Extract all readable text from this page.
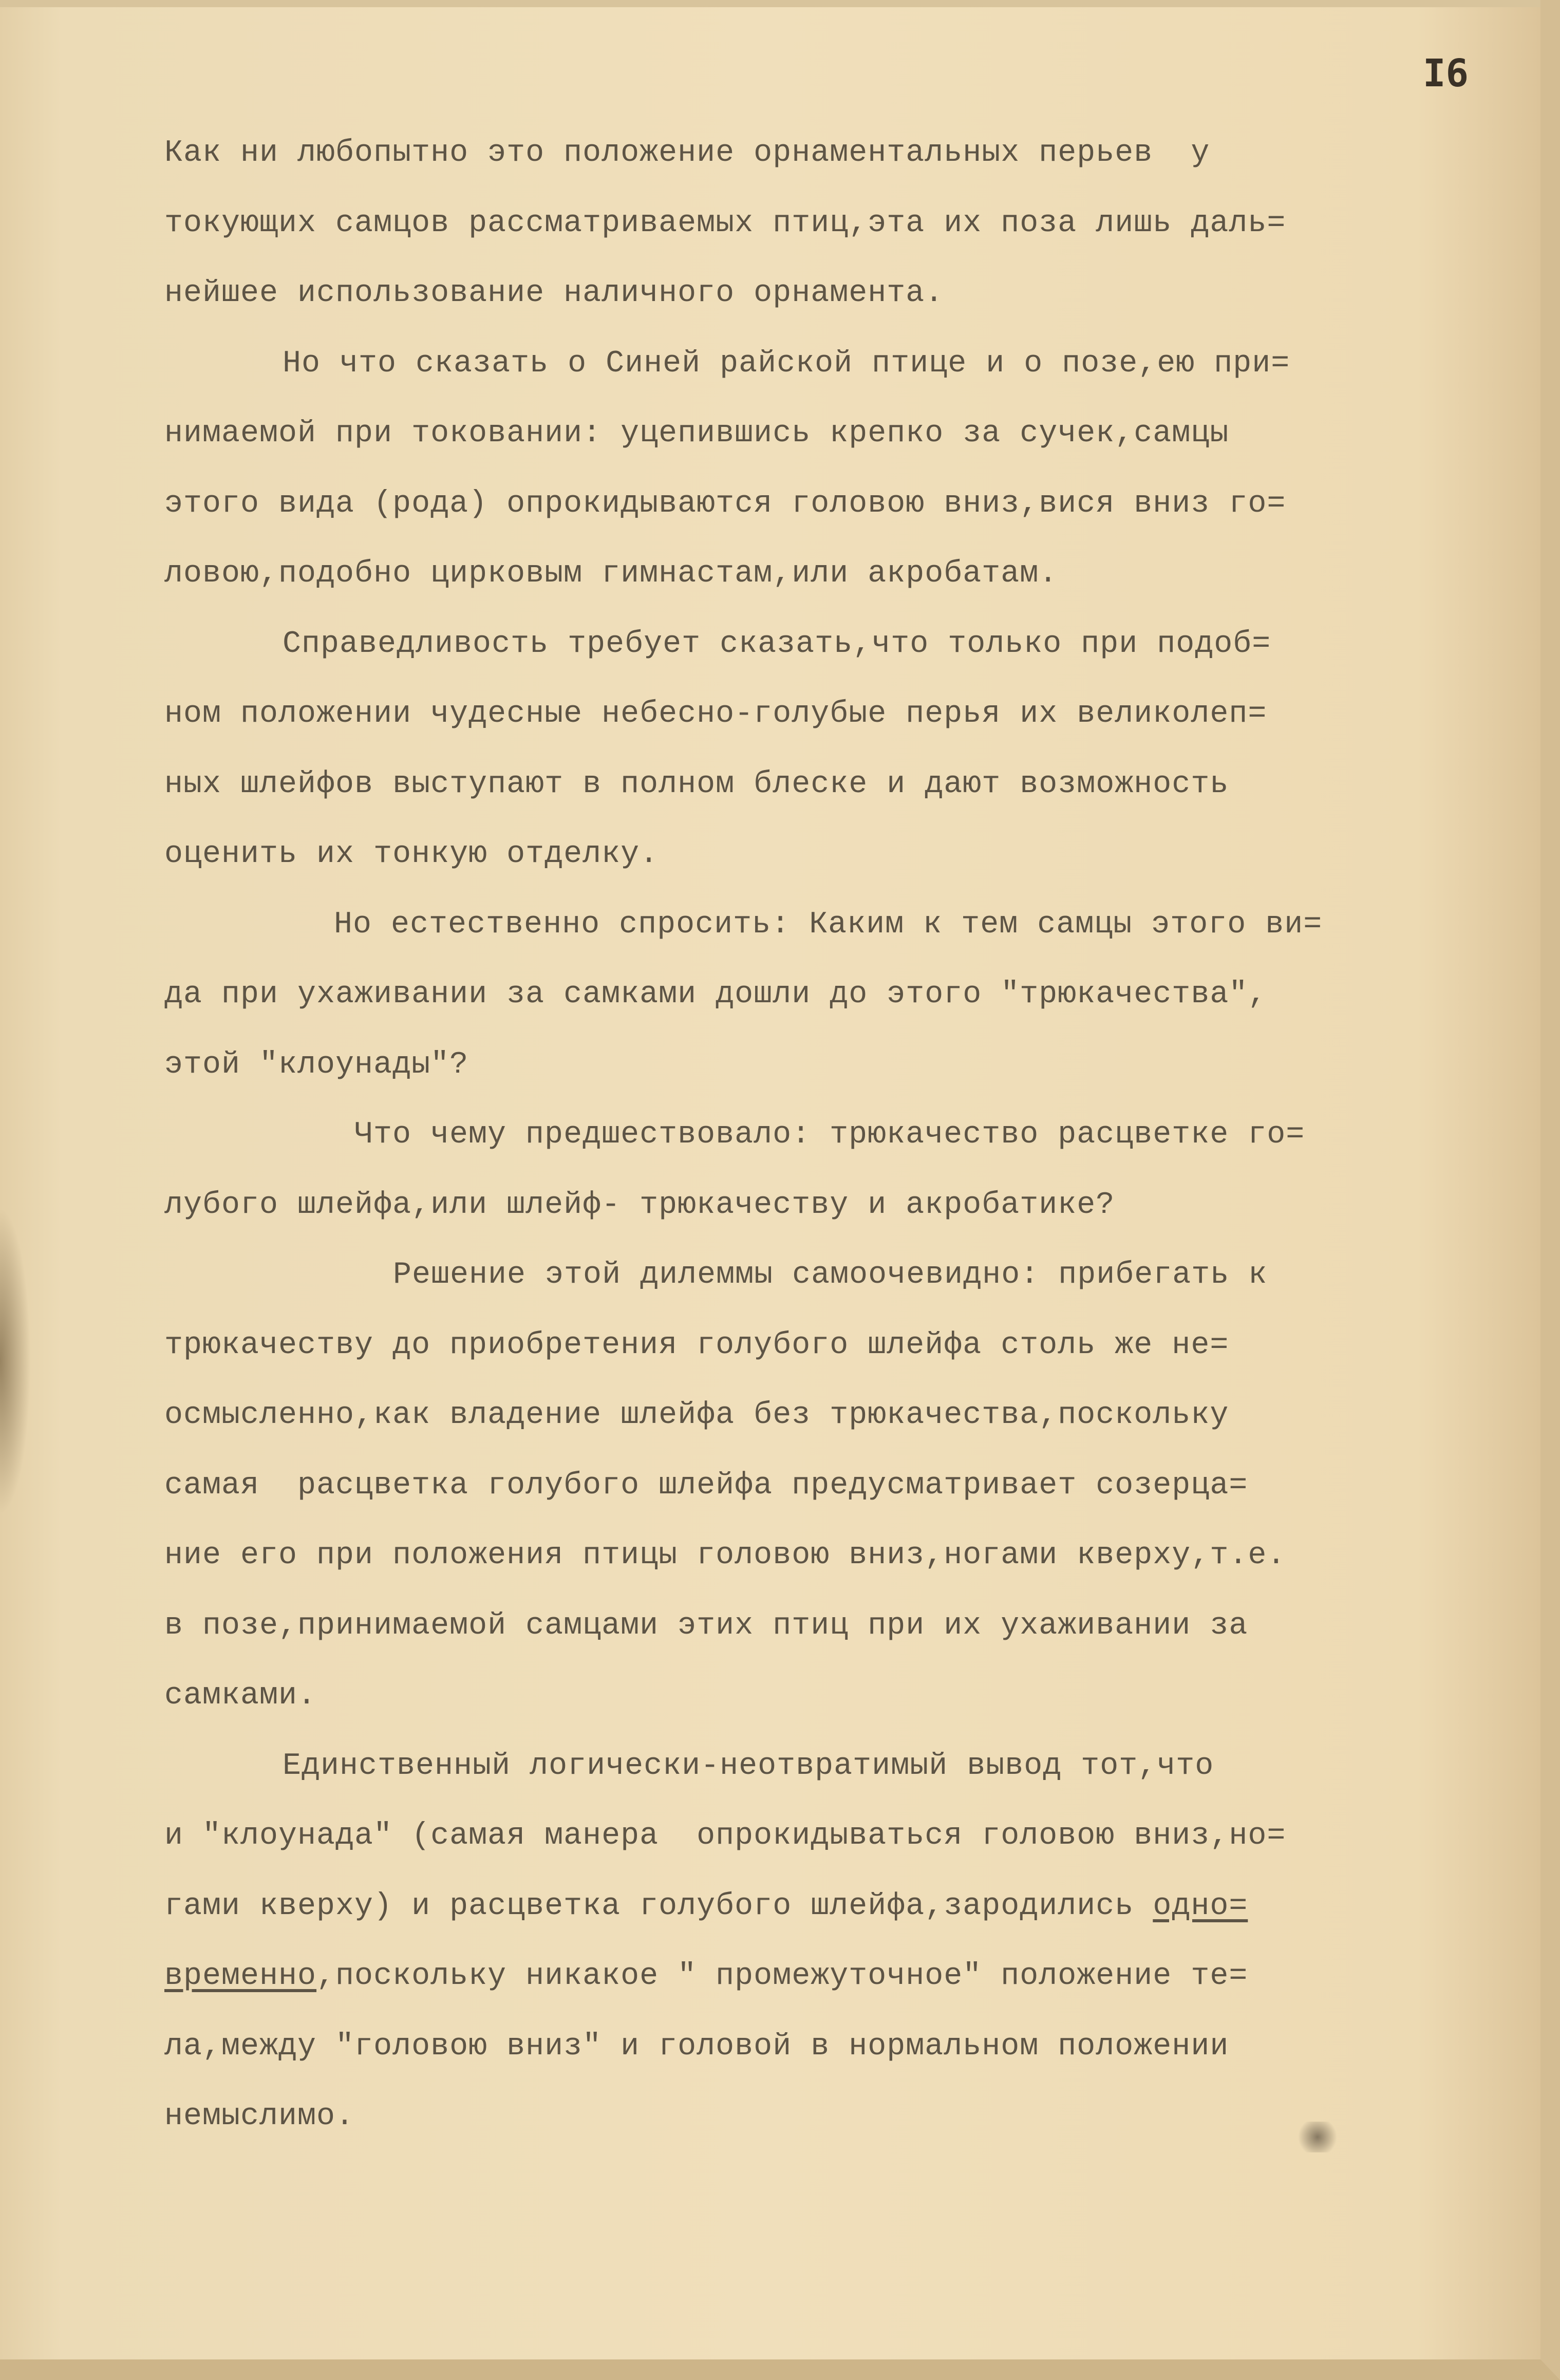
I6
Как ни любопытно это положение орнаментальных перьев  у
токующих самцов рассматриваемых птиц,эта их поза лишь даль=
нейшее использование наличного орнамента.
Но что сказать о Синей райской птице и о позе,ею при=
нимаемой при токовании: уцепившись крепко за сучек,самцы
этого вида (рода) опрокидываются головою вниз,вися вниз го=
ловою,подобно цирковым гимнастам,или акробатам.
Справедливость требует сказать,что только при подоб=
ном положении чудесные небесно-голубые перья их великолеп=
ных шлейфов выступают в полном блеске и дают возможность
оценить их тонкую отделку.
Но естественно спросить: Каким к тем самцы этого ви=
да при ухаживании за самками дошли до этого "трюкачества",
этой "клоунады"?
Что чему предшествовало: трюкачество расцветке го=
лубого шлейфа,или шлейф- трюкачеству и акробатике?
Решение этой дилеммы самоочевидно: прибегать к
трюкачеству до приобретения голубого шлейфа столь же не=
осмысленно,как владение шлейфа без трюкачества,поскольку
самая  расцветка голубого шлейфа предусматривает созерца=
ние его при положения птицы головою вниз,ногами кверху,т.е.
в позе,принимаемой самцами этих птиц при их ухаживании за
самками.
Единственный логически-неотвратимый вывод тот,что
и "клоунада" (самая манера  опрокидываться головою вниз,но=
гами кверху) и расцветка голубого шлейфа,зародились одно=
временно,поскольку никакое " промежуточное" положение те=
ла,между "головою вниз" и головой в нормальном положении
немыслимо.
